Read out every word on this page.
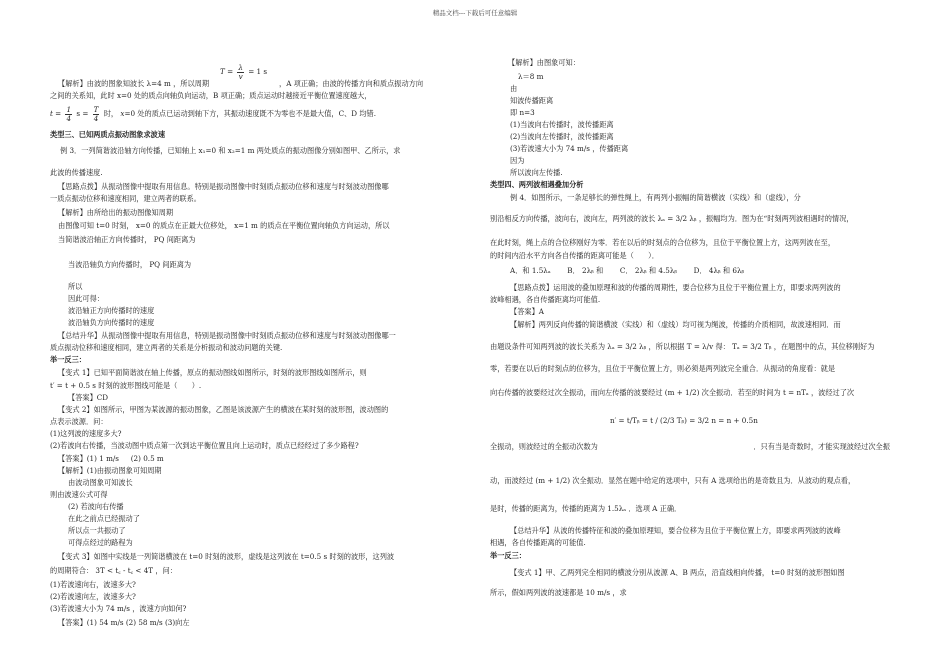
精品文档---下载后可任意编辑
$T = \frac{\lambda}{v} = 1$ s
【解析】由波的图象知波长 λ=4 m ，所以周期	，A 项正确；由波的传播方向和质点振动方向
之间的关系知，此时 x=0 处的质点向轴负向运动，B 项正确；质点运动时越接近平衡位置速度越大，
$t = \frac{1}{4}$ $s = \frac{T}{4}$ 时， x=0 处的质点已运动到轴下方，其振动速度既不为零也不是最大值，C、D 均错.
类型三、已知两质点振动图象求波速
例 3．一列简谐波沿轴方向传播，已知轴上 x₁=0 和 x₂=1 m 两处质点的振动图像分别如图甲、乙所示，求
此波的传播速度.
【思路点拨】从振动图像中提取有用信息。特别是振动图像中时刻质点振动位移和速度与时刻波动图像哪
一质点振动位移和速度相同，建立两者的联系。
【解析】由所给出的振动图像知周期
由图像可知 t=0 时刻， x=0 的质点在正最大位移处， x=1 m 的质点在平衡位置向轴负方向运动，所以
当简谐波沿轴正方向传播时， PQ 间距离为
当波沿轴负方向传播时， PQ 间距离为
所以
因此可得：
波沿轴正方向传播时的速度
波沿轴负方向传播时的速度
【总结升华】从振动图像中提取有用信息，特别是振动图像中时刻质点振动位移和速度与时刻波动图像哪一
质点振动位移和速度相同，建立两者的关系是分析振动和波动问题的关键.
举一反三：
【变式 1】已知平面简谐波在轴上传播，原点的振动图线如图所示，时刻的波形图线如图所示，则
t′ = t + 0.5 s 时刻的波形图线可能是（　　）.
【答案】CD
【变式 2】如图所示，甲图为某波源的振动图象，乙图是该波源产生的横波在某时刻的波形图，波动图的
点表示波源．问：
(1)这列波的速度多大?
(2)若波向右传播，当波动图中质点第一次到达平衡位置且向上运动时，质点已经经过了多少路程?
【答案】(1) 1 m/s 　 (2) 0.5 m
【解析】(1)由振动图象可知周期
由波动图象可知波长
则由波速公式可得
(2) 若波向右传播
在此之前点已经振动了
所以点一共振动了
可得点经过的路程为
【变式 3】如图中实线是一列简谐横波在 t=0 时刻的波形，虚线是这列波在 t=0.5 s 时刻的波形，这列波
的周期符合： 3T < t꜀ - t꜀ < 4T ，问：
(1)若波速向右，波速多大?
(2)若波速向左，波速多大?
(3)若波速大小为 74 m/s ，波速方向如何?
【答案】(1) 54 m/s (2) 58 m/s (3)向左
【解析】由图象可知：
λ＝8 m
由
知波传播距离
即 n=3
(1)当波向右传播时，波传播距离
(2)当波向左传播时，波传播距离
(3)若波速大小为 74 m/s ，传播距离
因为
所以波向左传播.
类型四、两列波相遇叠加分析
例 4．如图所示，一条足够长的弹性绳上，有两列小振幅的简谐横波（实线）和（虚线），分
别沿相反方向传播，波向右，波向左，两列波的波长 λₐ = 3/2 λᵦ ，振幅均为．图为在“时刻两列波相遇时的情况，
在此时刻，绳上点的合位移刚好为零．若在以后的时刻点的合位移为，且位于平衡位置上方，这两列波在至，
的时间内沿水平方向各自传播的距离可能是（　　）．
A．和 1.5λₐ 　　B． 2λᵦ 和 　　C． 2λᵦ 和 4.5λᵦ 　　D． 4λᵦ 和 6λᵦ
【思路点拨】运用波的叠加原理和波的传播的周期性，要合位移为且位于平衡位置上方，即要求两列波的
波峰相遇，各自传播距离均可能值.
【答案】A
【解析】两列反向传播的简谐横波（实线）和（虚线）均可视为绳波，传播的介质相同，故波速相同．而
由题设条件可知两列波的波长关系为 λₐ = 3/2 λᵦ ，所以根据 T = λ/v 得： Tₐ = 3/2 Tᵦ ，在题图中的点，其位移刚好为
零，若要在以后的时刻点的位移为，且位于平衡位置上方，则必须是两列波完全重合．从振动的角度看：就是
向右传播的波要经过次全振动，而向左传播的波要经过 (m + 1/2) 次全振动．若至的时间为 t = nTₐ ，波经过了次
n′ = t/Tᵦ = t / (2/3 Tᵦ) = 3/2 n = n + 0.5n
全振动，则波经过的全振动次数为 　　　　　　　　　　　　　　　　　　　　　 ．只有当是奇数时，才能实现波经过次全振
动，而波经过 (m + 1/2) 次全振动．显然在题中给定的选项中，只有 A 选项给出的是奇数且为．从波动的观点看，
是时，传播的距离为，传播的距离为 1.5λₐ ．选项 A 正确．
【总结升华】从波的传播特征和波的叠加原理知，要合位移为且位于平衡位置上方，即要求两列波的波峰
相遇，各自传播距离的可能值.
举一反三：
【变式 1】甲、乙两列完全相同的横波分别从波源 A、B 两点，沿直线相向传播， t=0 时刻的波形图如图
所示，假如两列波的波速都是 10 m/s ，求
